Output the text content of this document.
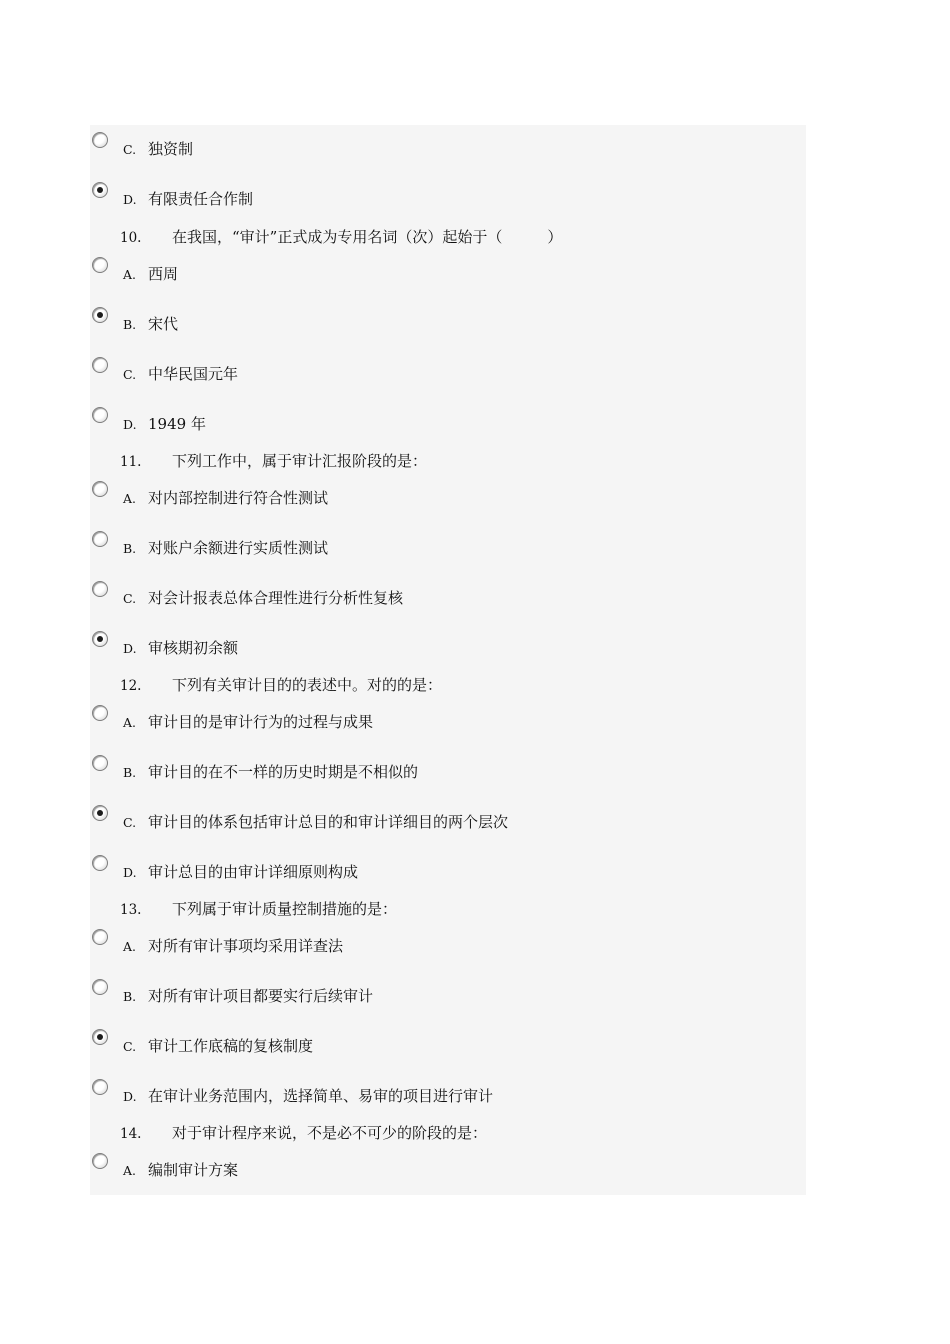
C. 独资制
D. 有限责任合作制
10. 在我国，“审计”正式成为专用名词（次）起始于（　　　）
A. 西周
B. 宋代
C. 中华民国元年
D. 1949 年
11. 下列工作中，属于审计汇报阶段的是：
A. 对内部控制进行符合性测试
B. 对账户余额进行实质性测试
C. 对会计报表总体合理性进行分析性复核
D. 审核期初余额
12. 下列有关审计目的的表述中。对的的是：
A. 审计目的是审计行为的过程与成果
B. 审计目的在不一样的历史时期是不相似的
C. 审计目的体系包括审计总目的和审计详细目的两个层次
D. 审计总目的由审计详细原则构成
13. 下列属于审计质量控制措施的是：
A. 对所有审计事项均采用详查法
B. 对所有审计项目都要实行后续审计
C. 审计工作底稿的复核制度
D. 在审计业务范围内，选择简单、易审的项目进行审计
14. 对于审计程序来说，不是必不可少的阶段的是：
A. 编制审计方案
